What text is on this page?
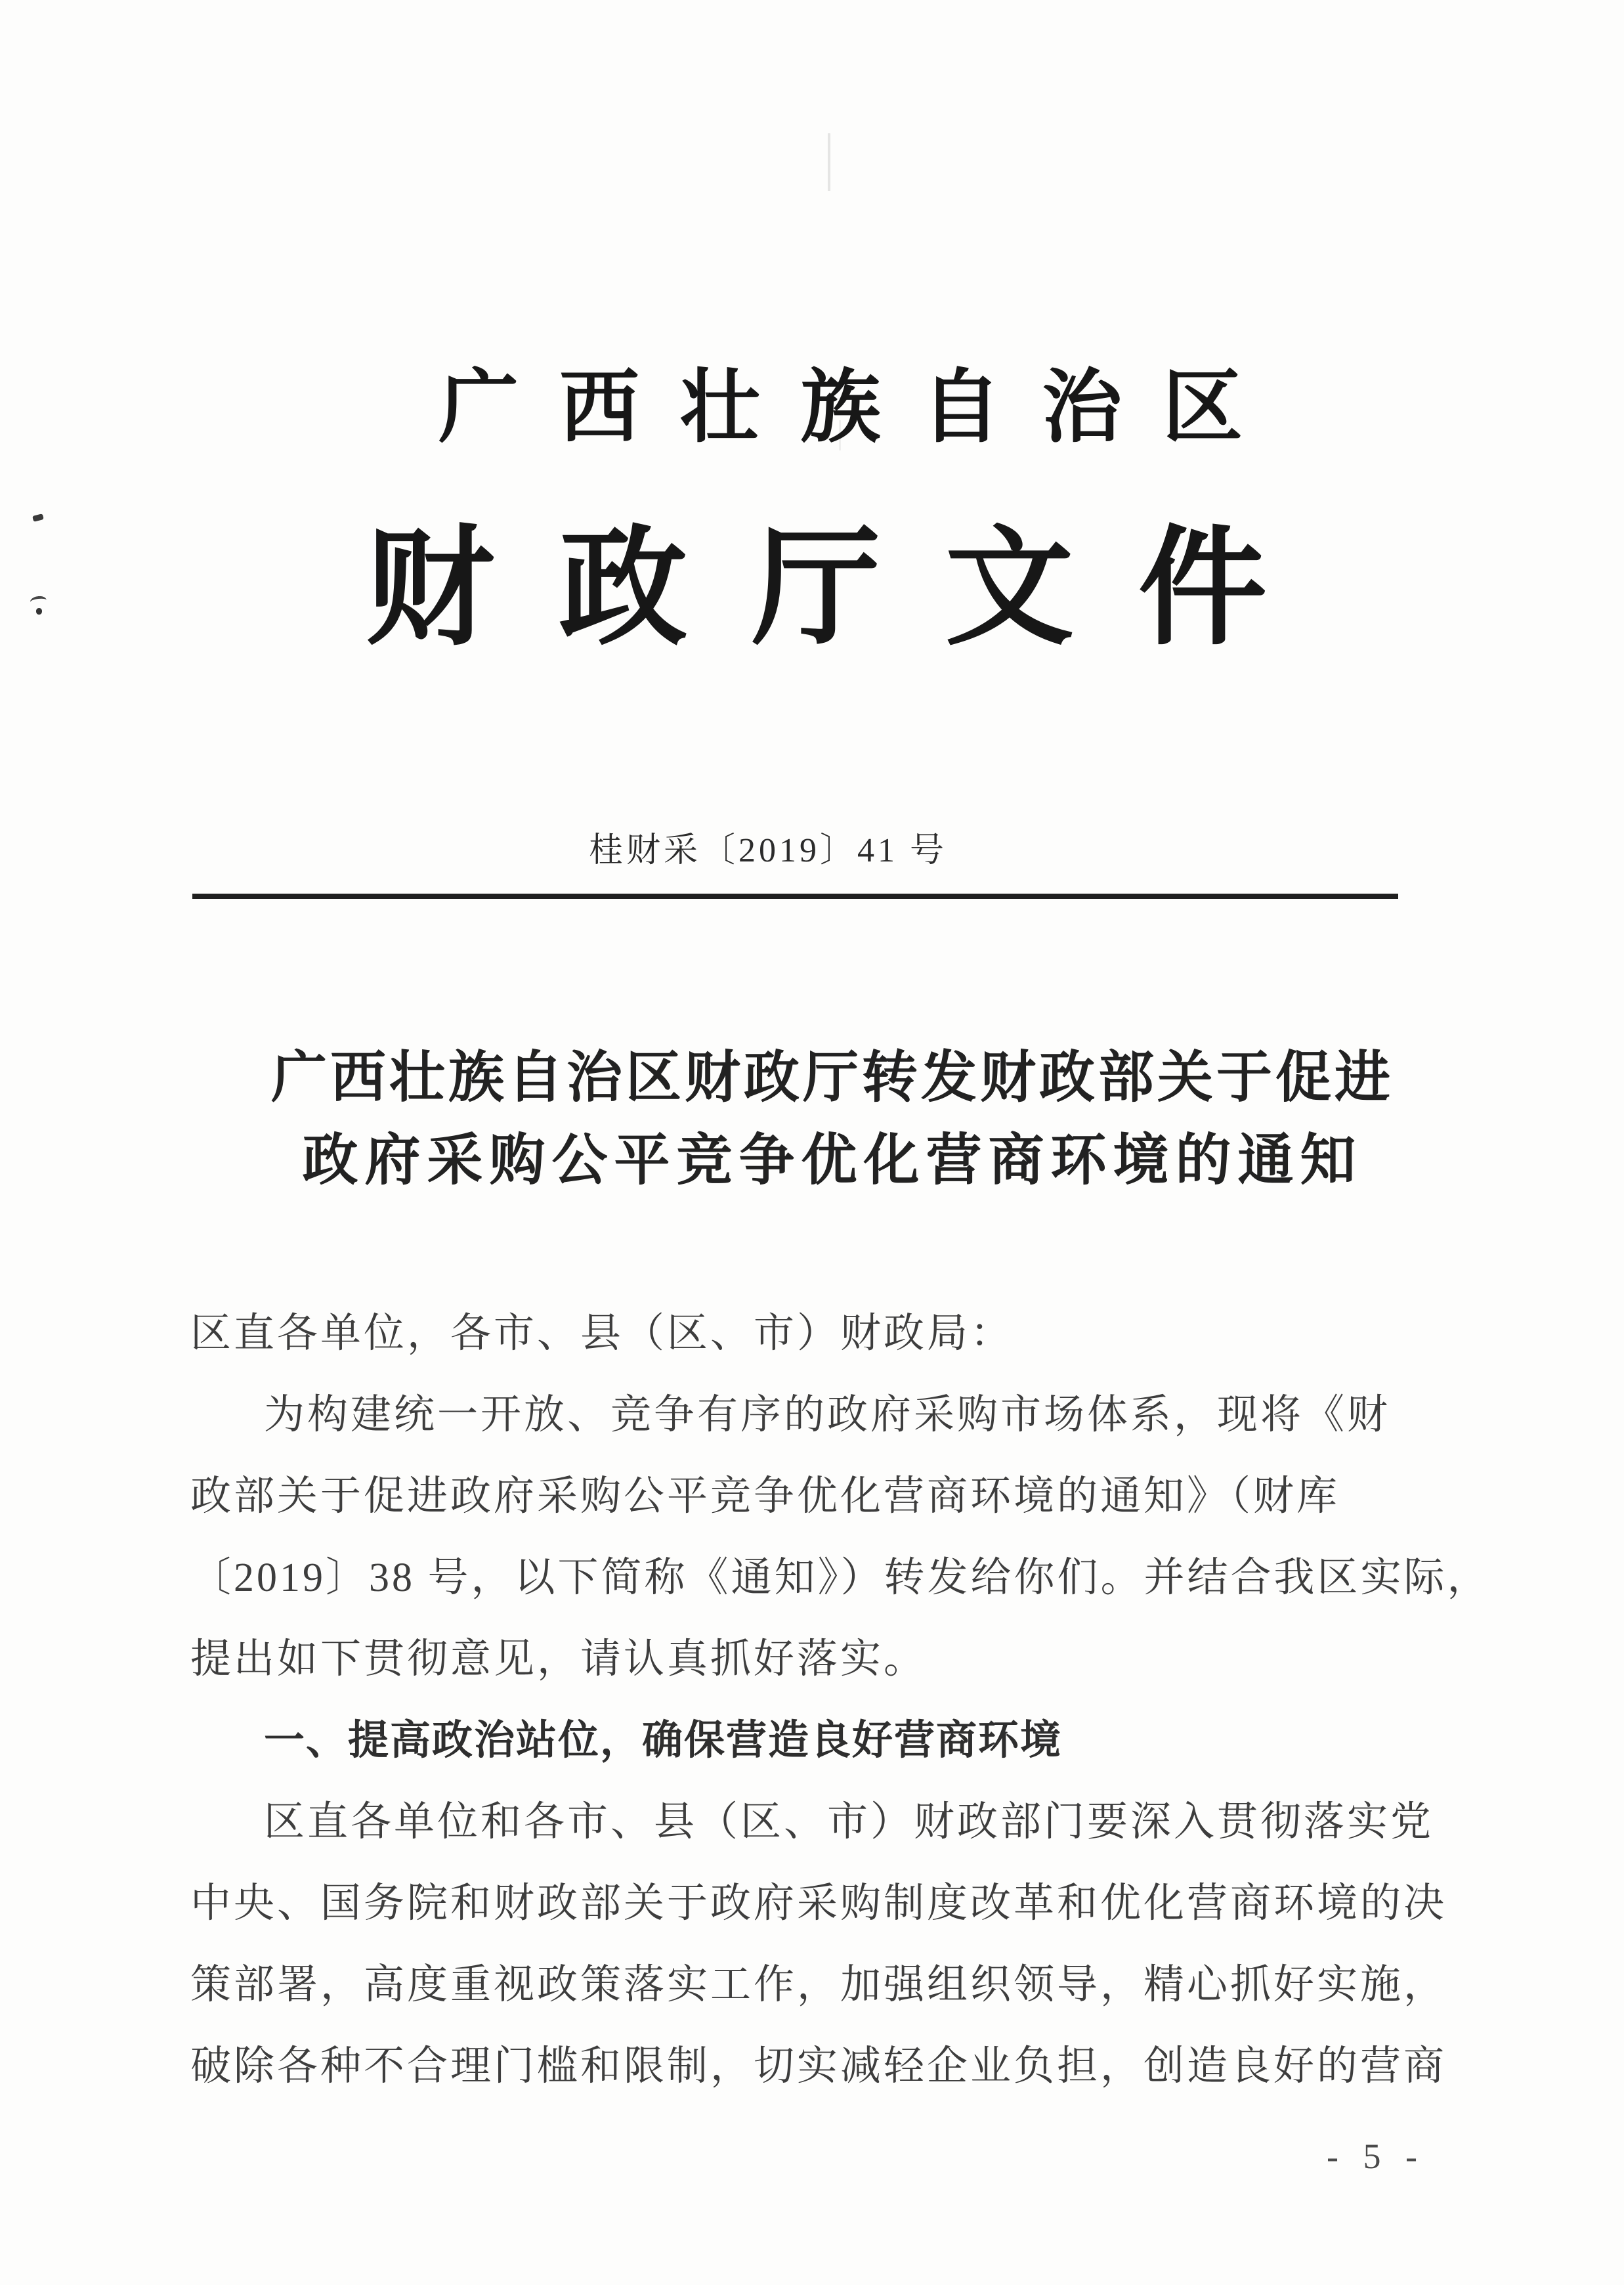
广 西 壮 族 自 治 区
财 政 厅 文 件
桂财采〔2019〕41 号
广西壮族自治区财政厅转发财政部关于促进
政府采购公平竞争优化营商环境的通知
区直各单位，各市、县（区、市）财政局：
为构建统一开放、竞争有序的政府采购市场体系，现将《财
政部关于促进政府采购公平竞争优化营商环境的通知》（财库
〔2019〕38 号，以下简称《通知》）转发给你们。并结合我区实际，
提出如下贯彻意见，请认真抓好落实。
一、提高政治站位，确保营造良好营商环境
区直各单位和各市、县（区、市）财政部门要深入贯彻落实党
中央、国务院和财政部关于政府采购制度改革和优化营商环境的决
策部署，高度重视政策落实工作，加强组织领导，精心抓好实施，
破除各种不合理门槛和限制，切实减轻企业负担，创造良好的营商
- 5 -
